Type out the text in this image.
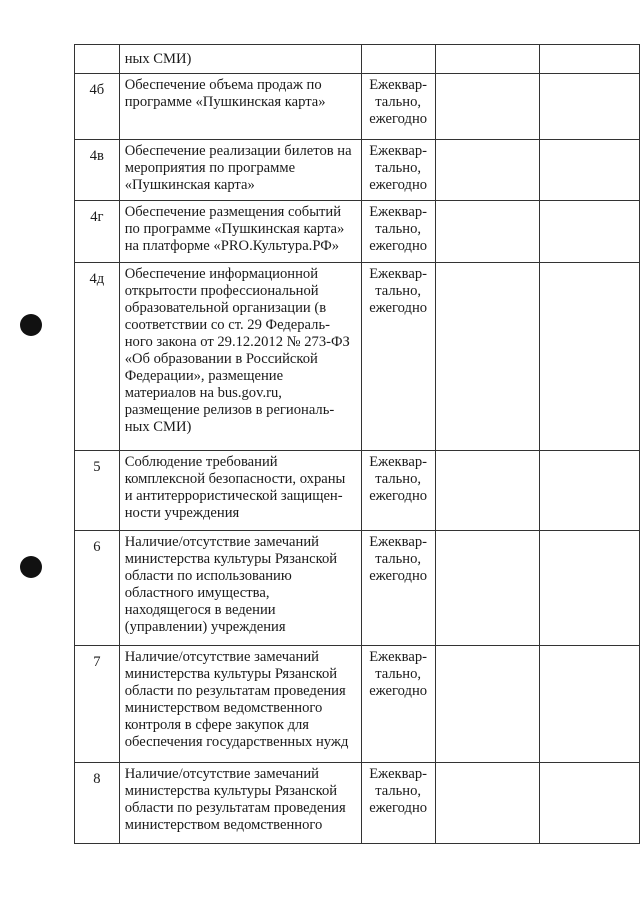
	ных СМИ)			
4б	Обеспечение объема продаж по программе «Пушкинская карта»	Ежеквар-тально, ежегодно		
4в	Обеспечение реализации билетов на мероприятия по программе «Пушкинская карта»	Ежеквар-тально, ежегодно		
4г	Обеспечение размещения событий по программе «Пушкинская карта» на платформе «PRO.Культура.РФ»	Ежеквар-тально, ежегодно		
4д	Обеспечение информационной открытости профессиональной образовательной организации (в соответствии со ст. 29 Федераль-ного закона от 29.12.2012 № 273-ФЗ «Об образовании в Российской Федерации», размещение материалов на bus.gov.ru, размещение релизов в региональ-ных СМИ)	Ежеквар-тально, ежегодно		
5	Соблюдение требований комплексной безопасности, охраны и антитеррористической защищен-ности учреждения	Ежеквар-тально, ежегодно		
6	Наличие/отсутствие замечаний министерства культуры Рязанской области по использованию областного имущества, находящегося в ведении (управлении) учреждения	Ежеквар-тально, ежегодно		
7	Наличие/отсутствие замечаний министерства культуры Рязанской области по результатам проведения министерством ведомственного контроля в сфере закупок для обеспечения государственных нужд	Ежеквар-тально, ежегодно		
8	Наличие/отсутствие замечаний министерства культуры Рязанской области по результатам проведения министерством ведомственного	Ежеквар-тально, ежегодно		
